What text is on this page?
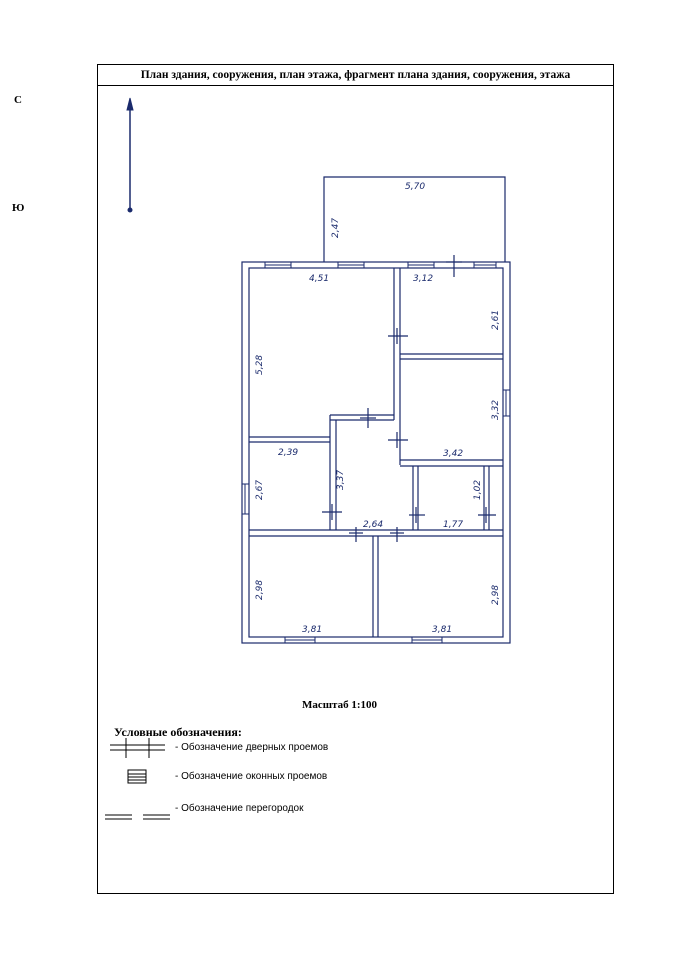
План здания, сооружения, план этажа, фрагмент плана здания, сооружения, этажа
С
Ю
5,70
2,47
4,51
5,28
3,12
2,61
3,32
3,42
2,39
2,67	3,37
2,64
1,02
1,77
2,98
3,81	3,81
2,98
Масштаб 1:100
Условные обозначения:
- Обозначение дверных проемов
- Обозначение оконных проемов
- Обозначение перегородок
